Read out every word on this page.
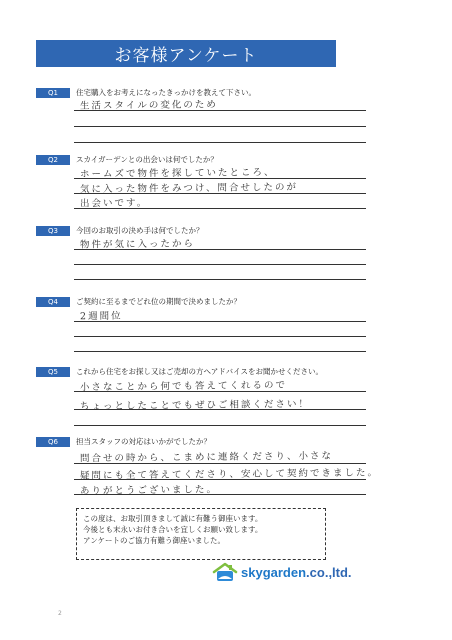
お客様アンケート
Q1	住宅購入をお考えになったきっかけを教えて下さい。
生活スタイルの変化のため
Q2	スカイガーデンとの出会いは何でしたか？
ホームズで物件を探していたところ、
気に入った物件をみつけ、問合せしたのが
出会いです。
Q3	今回のお取引の決め手は何でしたか？
物件が気に入ったから
Q4	ご契約に至るまでどれ位の期間で決めましたか？
2週間位
Q5	これから住宅をお探し又はご売却の方へアドバイスをお聞かせください。
小さなことから何でも答えてくれるので
ちょっとしたことでもぜひご相談ください！
Q6	担当スタッフの対応はいかがでしたか？
問合せの時から、こまめに連絡くださり、小さな
疑問にも全て答えてくださり、安心して契約できました。
ありがとうございました。
この度は、お取引頂きまして誠に有難う御座います。
今後とも末永いお付き合いを宜しくお願い致します。
アンケートのご協力有難う御座いました。
skygarden.co.,ltd.
2
